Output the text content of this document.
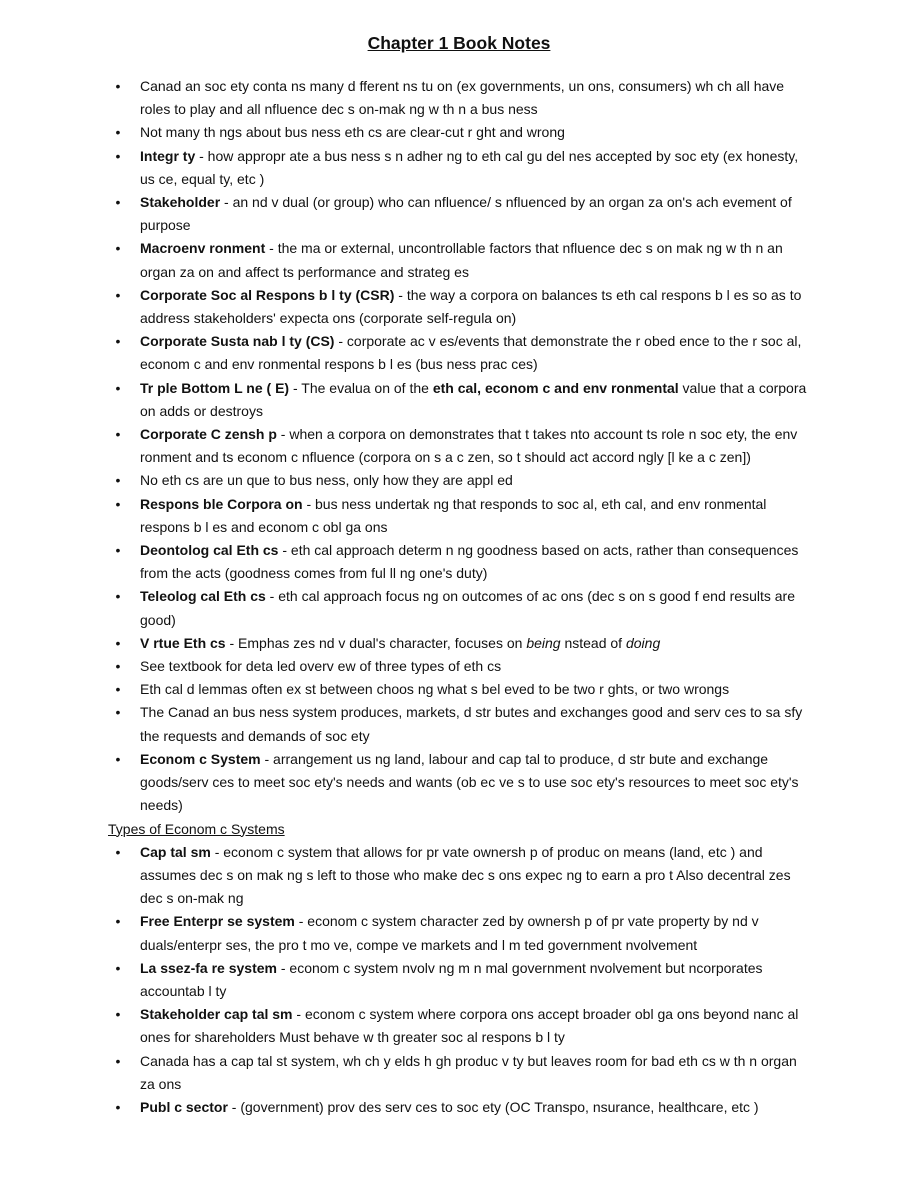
Chapter 1 Book Notes
• Canad an soc ety conta ns many d fferent ns tu on (ex governments, un ons, consumers) wh ch all have roles to play and all nfluence dec s on-mak ng w th n a bus ness
• Not many th ngs about bus ness eth cs are clear-cut r ght and wrong
• Integr ty - how appropr ate a bus ness s n adher ng to eth cal gu del nes accepted by soc ety (ex honesty, us ce, equal ty, etc )
• Stakeholder - an nd v dual (or group) who can nfluence/ s nfluenced by an organ za on's ach evement of purpose
• Macroenv ronment - the ma or external, uncontrollable factors that nfluence dec s on mak ng w th n an organ za on and affect ts performance and strateg es
• Corporate Soc al Respons b l ty (CSR) - the way a corpora on balances ts eth cal respons b l es so as to address stakeholders' expecta ons (corporate self-regula on)
• Corporate Susta nab l ty (CS) - corporate ac v es/events that demonstrate the r obed ence to the r soc al, econom c and env ronmental respons b l es (bus ness prac ces)
• Tr ple Bottom L ne ( E) - The evalua on of the eth cal, econom c and env ronmental value that a corpora on adds or destroys
• Corporate C zensh p - when a corpora on demonstrates that t takes nto account ts role n soc ety, the env ronment and ts econom c nfluence (corpora on s a c zen, so t should act accord ngly [l ke a c zen])
• No eth cs are un que to bus ness, only how they are appl ed
• Respons ble Corpora on - bus ness undertak ng that responds to soc al, eth cal, and env ronmental respons b l es and econom c obl ga ons
• Deontolog cal Eth cs - eth cal approach determ n ng goodness based on acts, rather than consequences from the acts (goodness comes from ful ll ng one's duty)
• Teleolog cal Eth cs - eth cal approach focus ng on outcomes of ac ons (dec s on s good f end results are good)
• V rtue Eth cs - Emphas zes nd v dual's character, focuses on being nstead of doing
• See textbook for deta led overv ew of three types of eth cs
• Eth cal d lemmas often ex st between choos ng what s bel eved to be two r ghts, or two wrongs
• The Canad an bus ness system produces, markets, d str butes and exchanges good and serv ces to sa sfy the requests and demands of soc ety
• Econom c System - arrangement us ng land, labour and cap tal to produce, d str bute and exchange goods/serv ces to meet soc ety's needs and wants (ob ec ve s to use soc ety's resources to meet soc ety's needs)
Types of Econom c Systems
• Cap tal sm - econom c system that allows for pr vate ownersh p of produc on means (land, etc ) and assumes dec s on mak ng s left to those who make dec s ons expec ng to earn a pro t Also decentral zes dec s on-mak ng
• Free Enterpr se system - econom c system character zed by ownersh p of pr vate property by nd v duals/enterpr ses, the pro t mo ve, compe ve markets and l m ted government nvolvement
• La ssez-fa re system - econom c system nvolv ng m n mal government nvolvement but ncorporates accountab l ty
• Stakeholder cap tal sm - econom c system where corpora ons accept broader obl ga ons beyond nanc al ones for shareholders Must behave w th greater soc al respons b l ty
• Canada has a cap tal st system, wh ch y elds h gh produc v ty but leaves room for bad eth cs w th n organ za ons
• Publ c sector - (government) prov des serv ces to soc ety (OC Transpo, nsurance, healthcare, etc )
